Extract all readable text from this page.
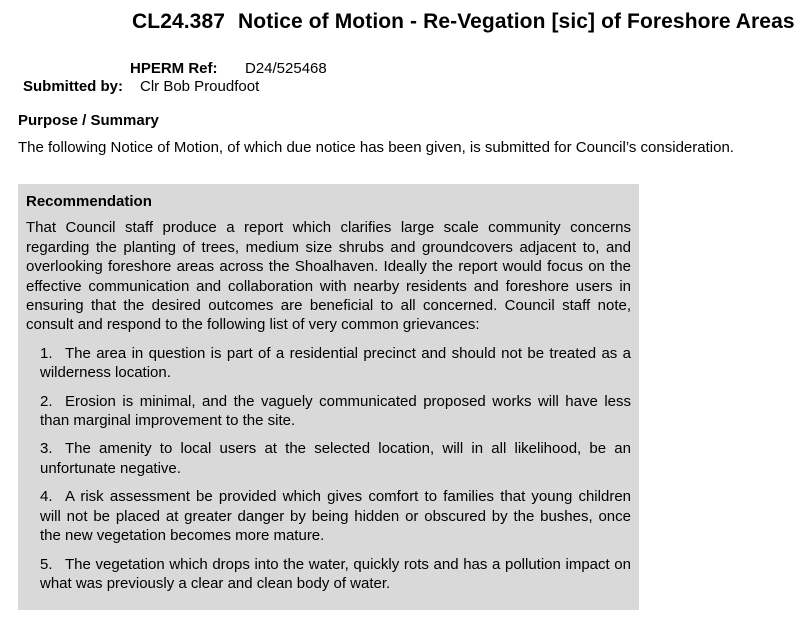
CL24.387 Notice of Motion - Re-Vegation [sic] of Foreshore Areas
HPERM Ref: D24/525468
Submitted by: Clr Bob Proudfoot
Purpose / Summary
The following Notice of Motion, of which due notice has been given, is submitted for Council’s consideration.

Recommendation

That Council staff produce a report which clarifies large scale community concerns regarding the planting of trees, medium size shrubs and groundcovers adjacent to, and overlooking foreshore areas across the Shoalhaven. Ideally the report would focus on the effective communication and collaboration with nearby residents and foreshore users in ensuring that the desired outcomes are beneficial to all concerned. Council staff note, consult and respond to the following list of very common grievances:

1. The area in question is part of a residential precinct and should not be treated as a wilderness location.

2. Erosion is minimal, and the vaguely communicated proposed works will have less than marginal improvement to the site.

3. The amenity to local users at the selected location, will in all likelihood, be an unfortunate negative.

4. A risk assessment be provided which gives comfort to families that young children will not be placed at greater danger by being hidden or obscured by the bushes, once the new vegetation becomes more mature.

5. The vegetation which drops into the water, quickly rots and has a pollution impact on what was previously a clear and clean body of water.
